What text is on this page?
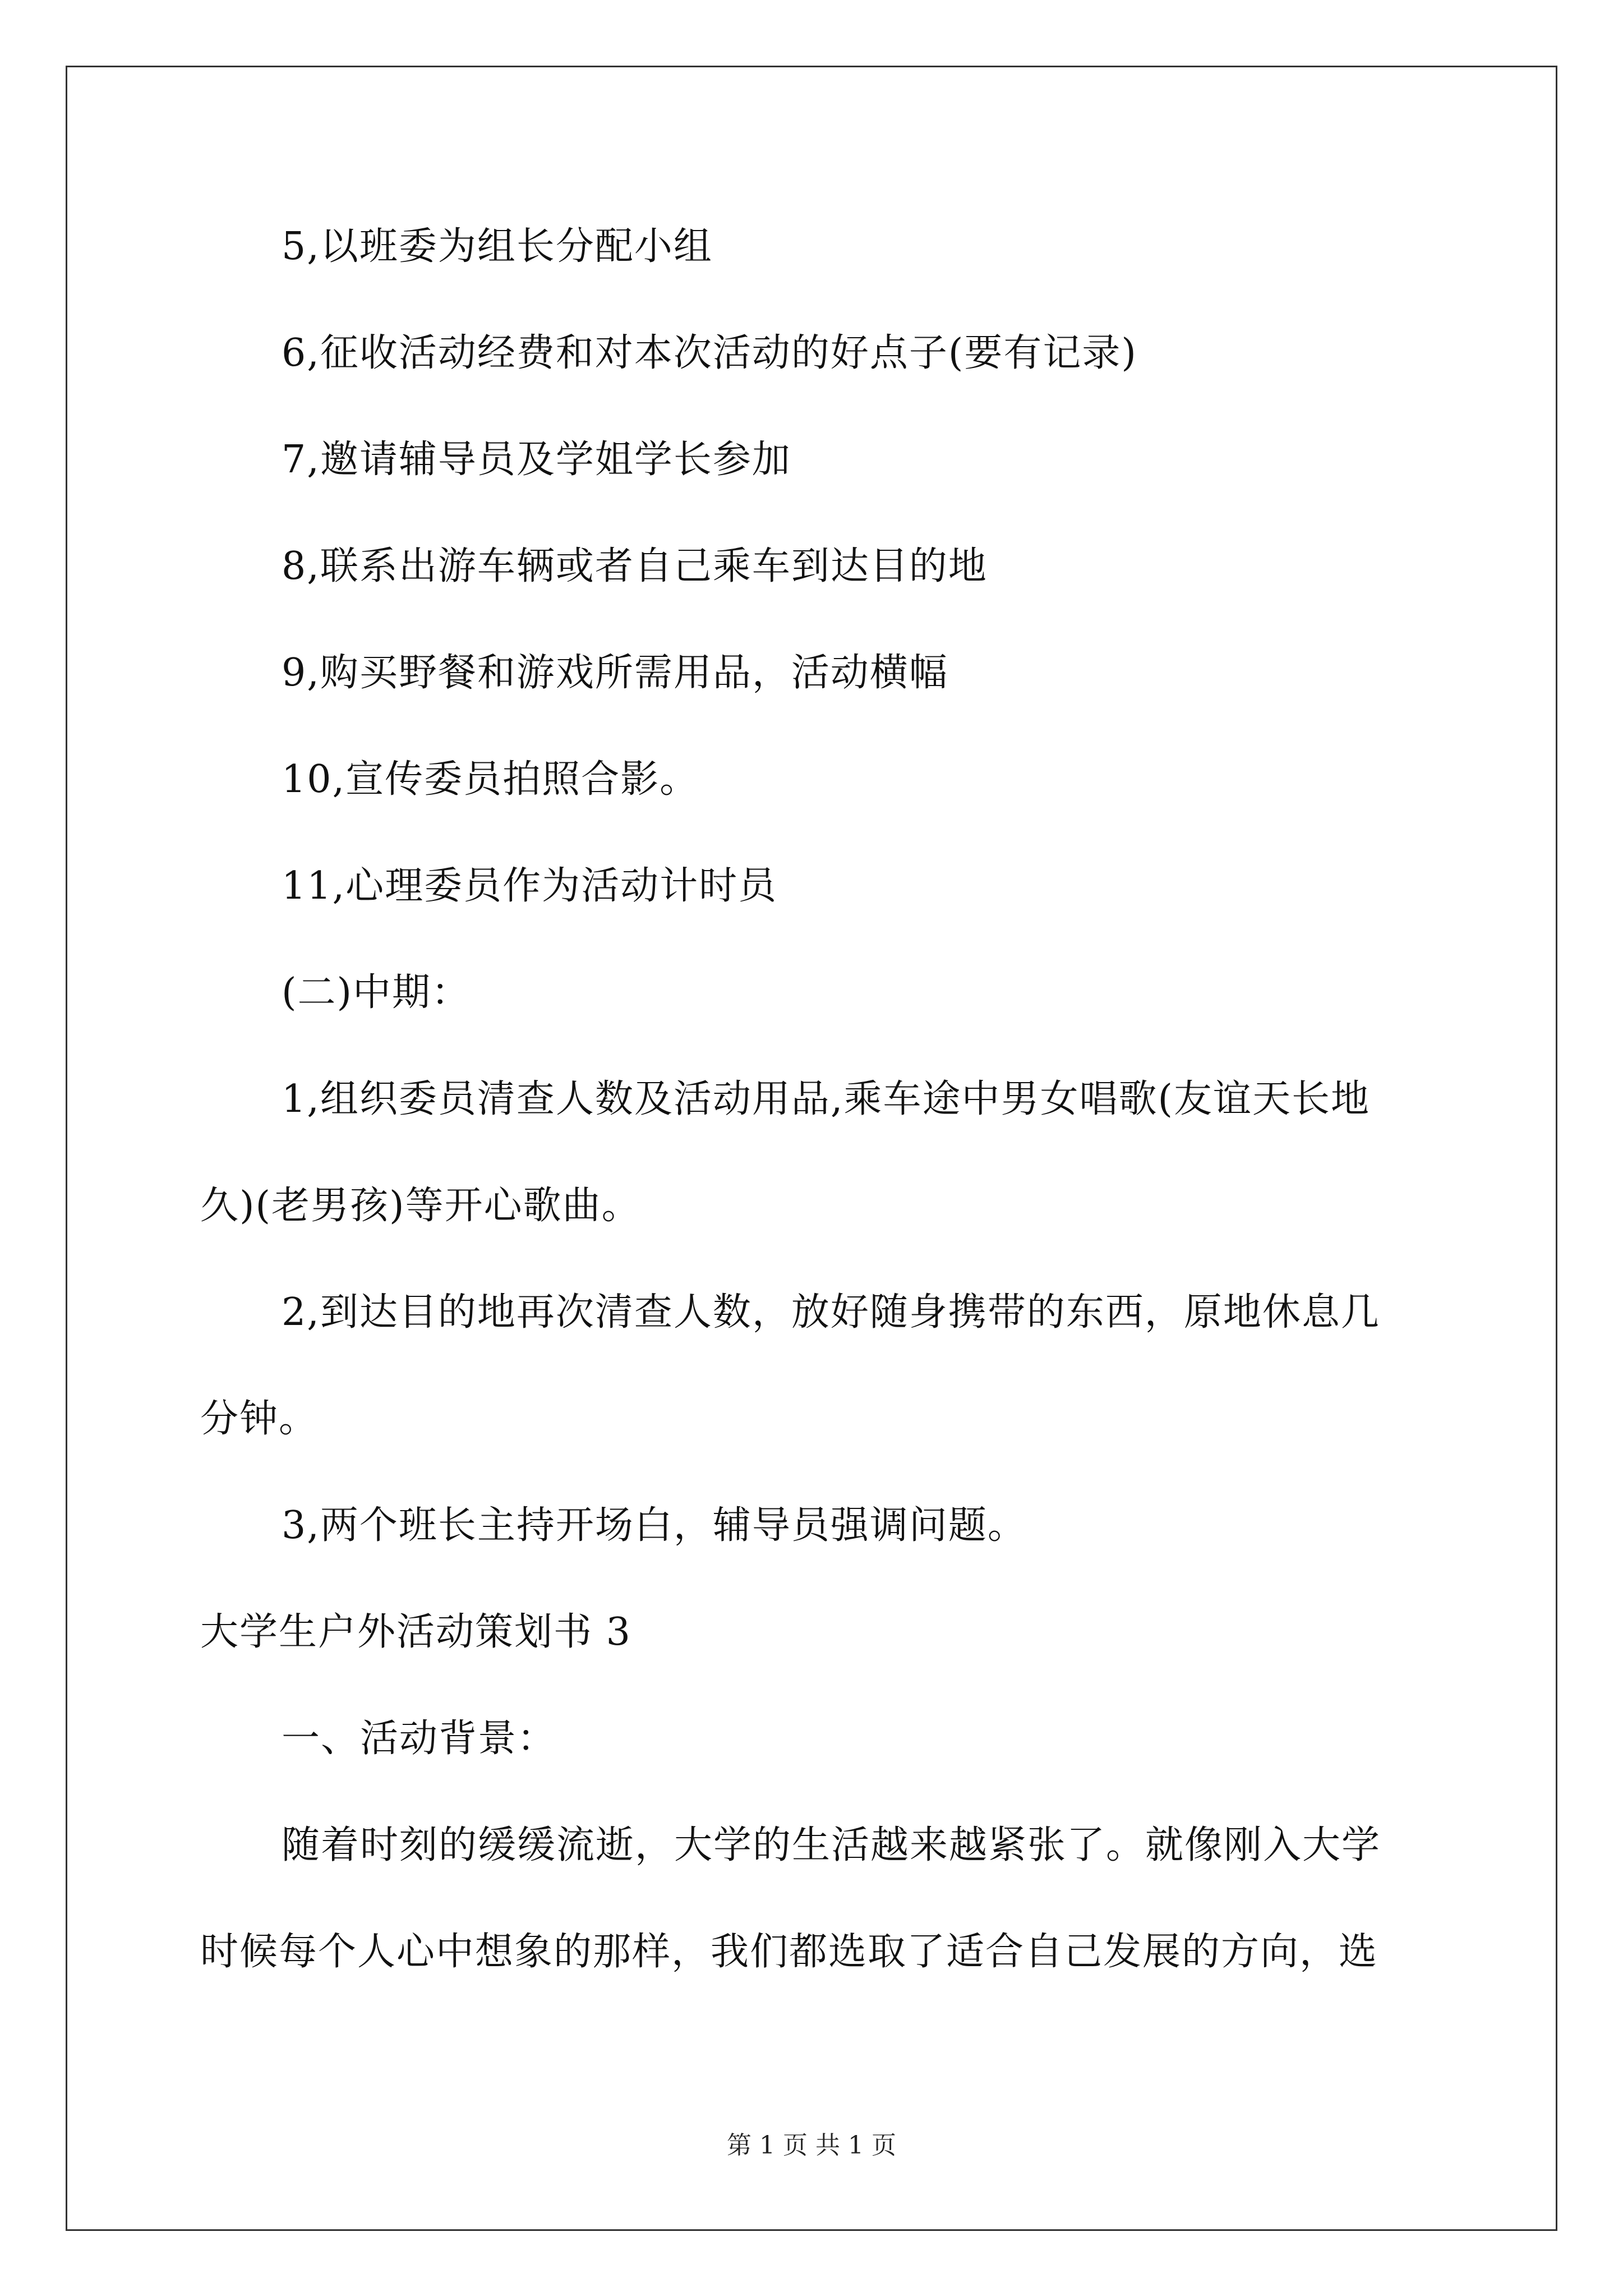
5,以班委为组长分配小组
6,征收活动经费和对本次活动的好点子(要有记录)
7,邀请辅导员及学姐学长参加
8,联系出游车辆或者自己乘车到达目的地
9,购买野餐和游戏所需用品，活动横幅
10,宣传委员拍照合影。
11,心理委员作为活动计时员
(二)中期：
1,组织委员清查人数及活动用品,乘车途中男女唱歌(友谊天长地
久)(老男孩)等开心歌曲。
2,到达目的地再次清查人数，放好随身携带的东西，原地休息几
分钟。
3,两个班长主持开场白，辅导员强调问题。
大学生户外活动策划书 3
一、活动背景：
随着时刻的缓缓流逝，大学的生活越来越紧张了。就像刚入大学
时候每个人心中想象的那样，我们都选取了适合自己发展的方向，选
第 1 页 共 1 页
